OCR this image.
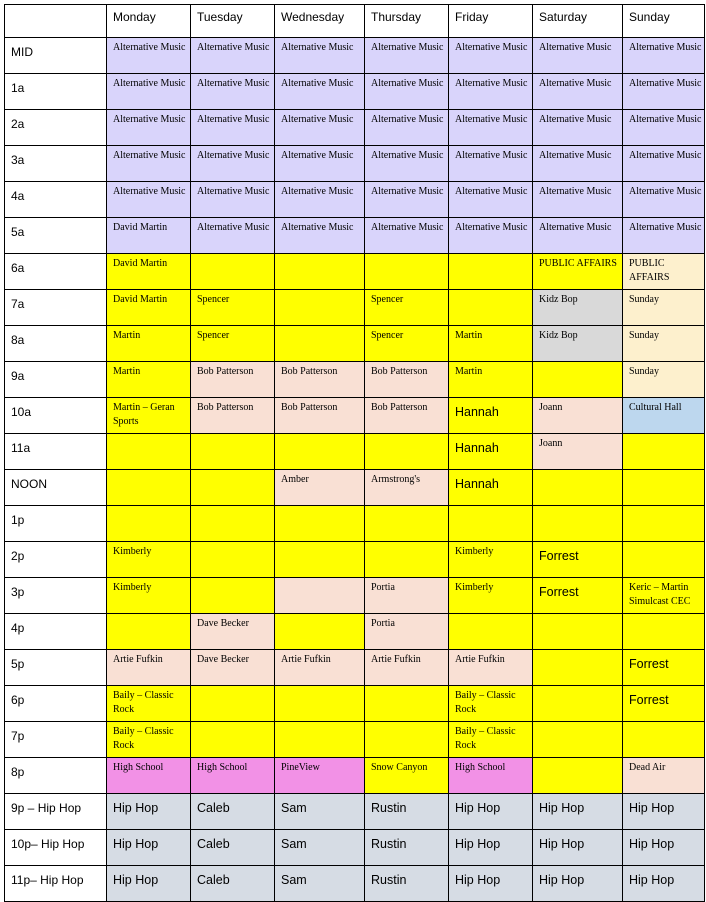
	Monday	Tuesday	Wednesday	Thursday	Friday	Saturday	Sunday
MID	Alternative Music	Alternative Music	Alternative Music	Alternative Music	Alternative Music	Alternative Music	Alternative Music
1a	Alternative Music	Alternative Music	Alternative Music	Alternative Music	Alternative Music	Alternative Music	Alternative Music
2a	Alternative Music	Alternative Music	Alternative Music	Alternative Music	Alternative Music	Alternative Music	Alternative Music
3a	Alternative Music	Alternative Music	Alternative Music	Alternative Music	Alternative Music	Alternative Music	Alternative Music
4a	Alternative Music	Alternative Music	Alternative Music	Alternative Music	Alternative Music	Alternative Music	Alternative Music
5a	David Martin	Alternative Music	Alternative Music	Alternative Music	Alternative Music	Alternative Music	Alternative Music
6a	David Martin					PUBLIC AFFAIRS	PUBLIC AFFAIRS
7a	David Martin	Spencer		Spencer		Kidz Bop	Sunday
8a	Martin	Spencer		Spencer	Martin	Kidz Bop	Sunday
9a	Martin	Bob Patterson	Bob Patterson	Bob Patterson	Martin		Sunday
10a	Martin – Geran Sports	Bob Patterson	Bob Patterson	Bob Patterson	Hannah	Joann	Cultural Hall
11a					Hannah	Joann	
NOON			Amber	Armstrong's	Hannah		
1p							
2p	Kimberly				Kimberly	Forrest	
3p	Kimberly			Portia	Kimberly	Forrest	Keric – Martin Simulcast CEC
4p		Dave Becker		Portia			
5p	Artie Fufkin	Dave Becker	Artie Fufkin	Artie Fufkin	Artie Fufkin		Forrest
6p	Baily – Classic Rock				Baily – Classic Rock		Forrest
7p	Baily – Classic Rock				Baily – Classic Rock		
8p	High School	High School	PineView	Snow Canyon	High School		Dead Air
9p – Hip Hop	Hip Hop	Caleb	Sam	Rustin	Hip Hop	Hip Hop	Hip Hop
10p– Hip Hop	Hip Hop	Caleb	Sam	Rustin	Hip Hop	Hip Hop	Hip Hop
11p– Hip Hop	Hip Hop	Caleb	Sam	Rustin	Hip Hop	Hip Hop	Hip Hop
